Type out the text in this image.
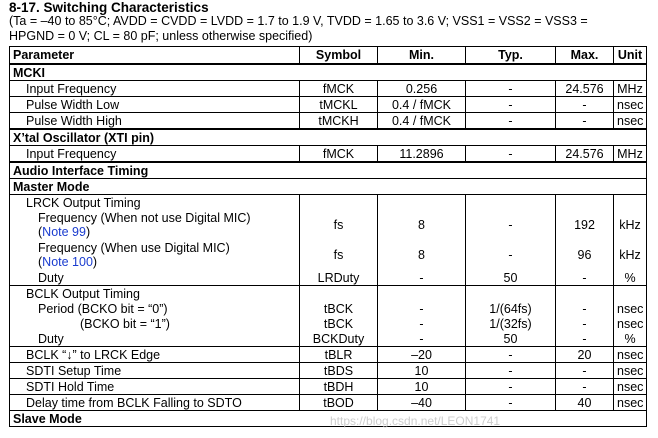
8-17. Switching Characteristics
(Ta = –40 to 85°C; AVDD = CVDD = LVDD = 1.7 to 1.9 V, TVDD = 1.65 to 3.6 V; VSS1 = VSS2 = VSS3 =
HPGND = 0 V; CL = 80 pF; unless otherwise specified)
Parameter	Symbol	Min.	Typ.	Max.	Unit
MCKI					
Input Frequency	fMCK	0.256	-	24.576	MHz
Pulse Width Low	tMCKL	0.4 / fMCK	-	-	nsec
Pulse Width High	tMCKH	0.4 / fMCK	-	-	nsec
X’tal Oscillator (XTI pin)					
Input Frequency	fMCK	11.2896	-	24.576	MHz
Audio Interface Timing					
Master Mode					
LRCK Output Timing					

Frequency (When not use Digital MIC)
(Note 99)	fs	8	-	192	kHz

Frequency (When use Digital MIC)
(Note 100)	fs	8	-	96	kHz
Duty	LRDuty	-	50	-	%
BCLK Output Timing					
Period (BCKO bit = “0”)	tBCK	-	1/(64fs)	-	nsec
(BCKO bit = “1”)	tBCK	-	1/(32fs)	-	nsec
Duty	BCKDuty	-	50	-	%
BCLK “↓” to LRCK Edge	tBLR	–20	-	20	nsec
SDTI Setup Time	tBDS	10	-	-	nsec
SDTI Hold Time	tBDH	10	-	-	nsec
Delay time from BCLK Falling to SDTO	tBOD	–40	-	40	nsec
Slave Mode						https://blog.csdn.net/LEON1741
